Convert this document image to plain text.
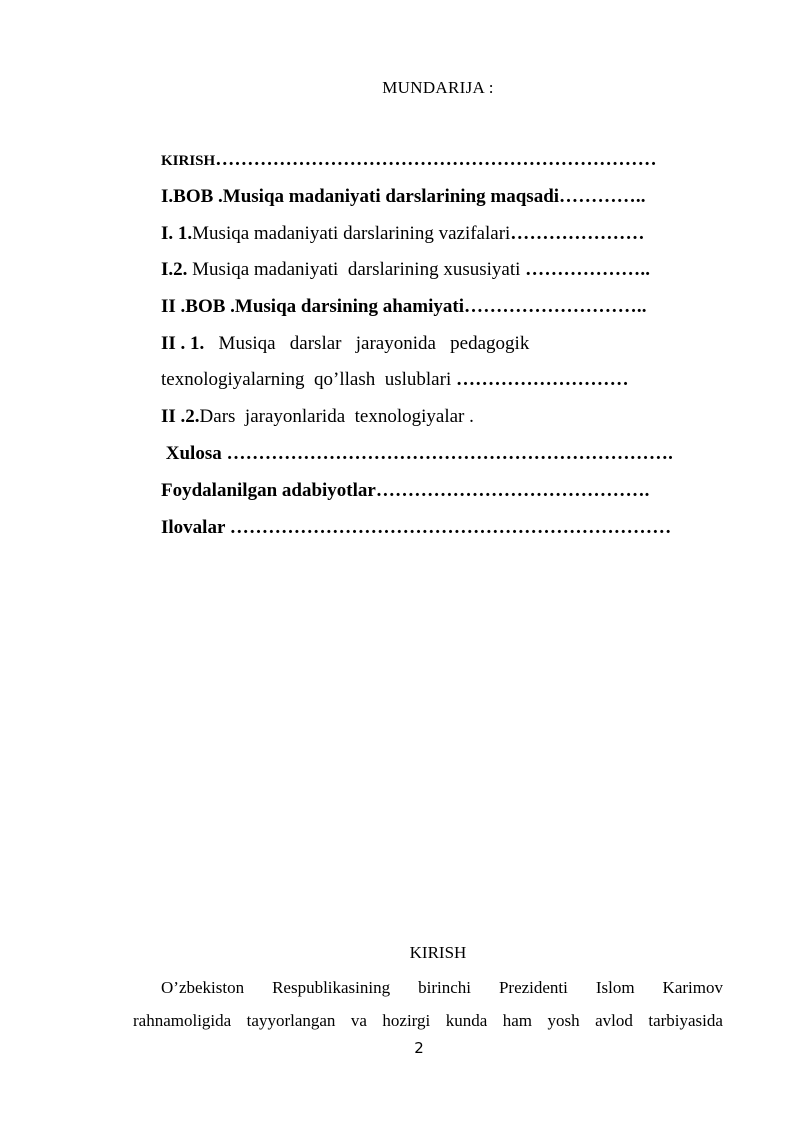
MUNDARIJA :
KIRISH……………………………………………………………
I.BOB .Musiqa madaniyati darslarining maqsadi…………..
I. 1.Musiqa madaniyati darslarining vazifalari…………………
I.2. Musiqa madaniyati  darslarining xususiyati ………………..
II .BOB .Musiqa darsining ahamiyati………………………..
II . 1. Musiqa   darslar   jarayonida   pedagogik
texnologiyalarning  qo’llash  uslublari ………………………
II .2.Dars  jarayonlarida  texnologiyalar .
Xulosa …………………………………………………………….
Foydalanilgan adabiyotlar…………………………………….
Ilovalar ……………………………………………………………
KIRISH
O’zbekiston Respublikasining birinchi Prezidenti Islom Karimov
rahnamoligida tayyorlangan va hozirgi kunda ham yosh avlod tarbiyasida
2
